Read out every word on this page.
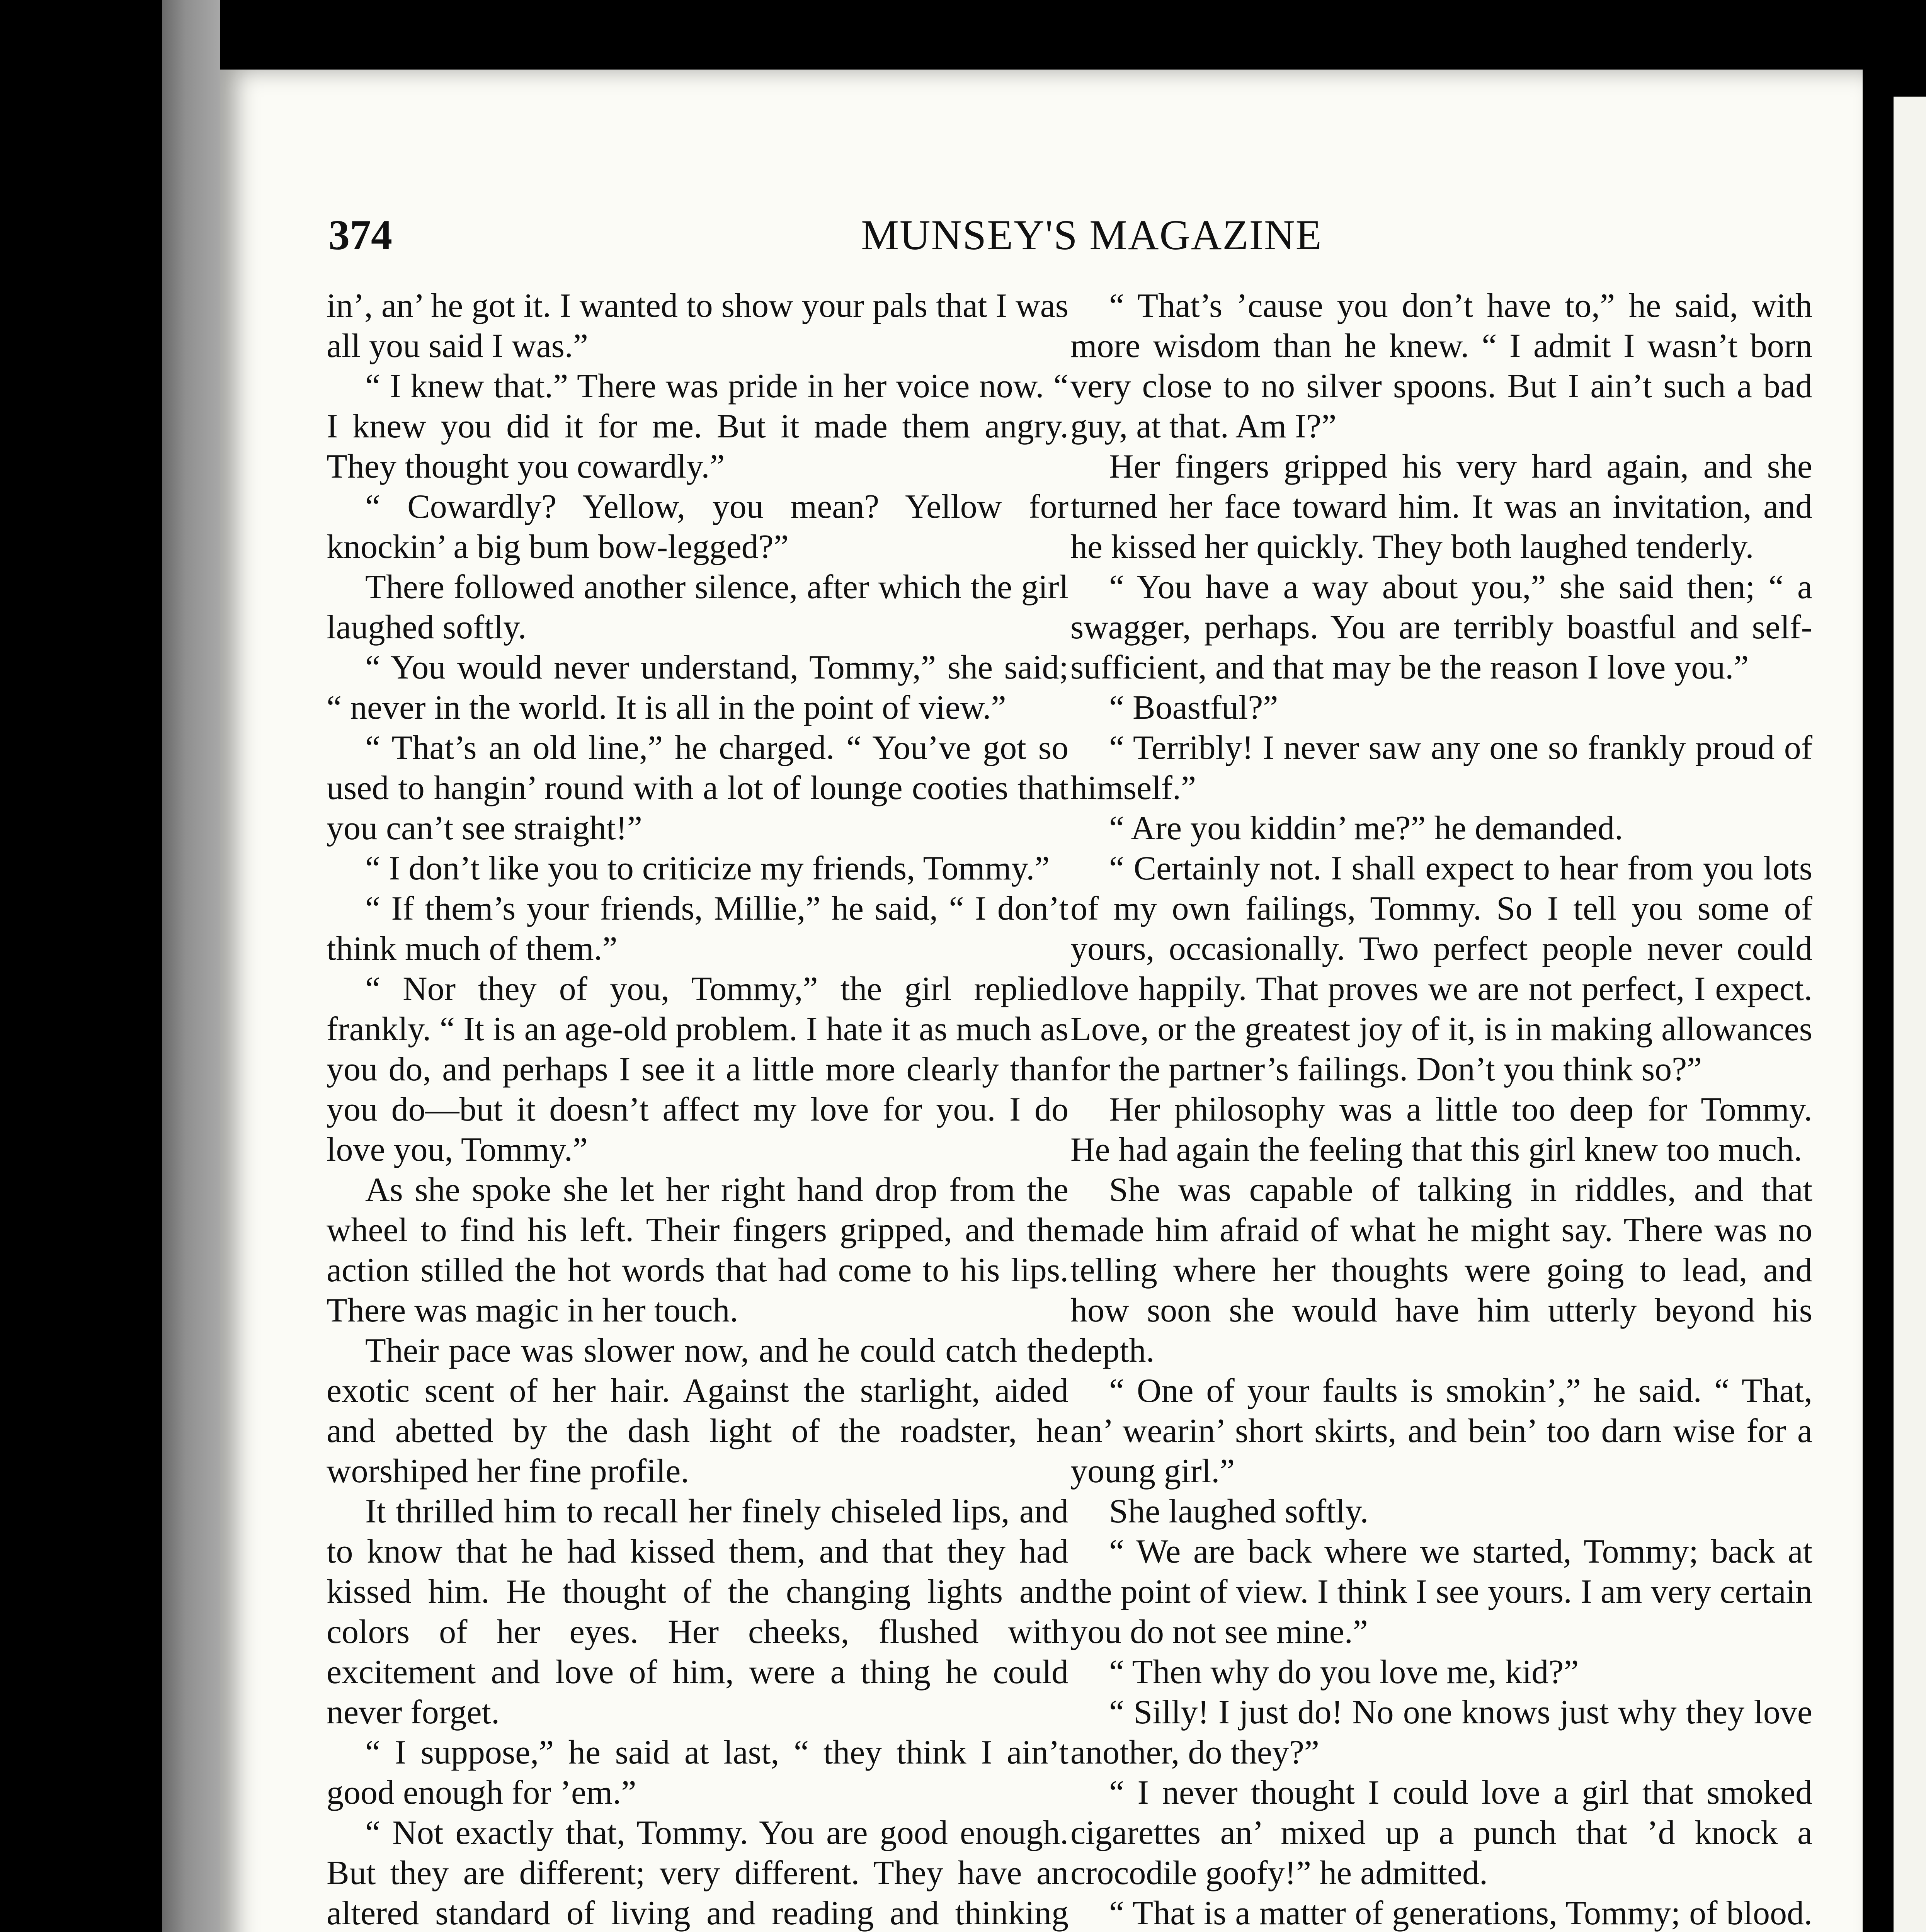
374	MUNSEY'S MAGAZINE

in’, an’ he got it. I wanted to show your pals that I was all you said I was.”

“ I knew that.” There was pride in her voice now. “ I knew you did it for me. But it made them angry. They thought you cowardly.”

“ Cowardly? Yellow, you mean? Yellow for knockin’ a big bum bow-legged?”

There followed another silence, after which the girl laughed softly.

“ You would never understand, Tommy,” she said; “ never in the world. It is all in the point of view.”

“ That’s an old line,” he charged. “ You’ve got so used to hangin’ round with a lot of lounge cooties that you can’t see straight!”

“ I don’t like you to criticize my friends, Tommy.”

“ If them’s your friends, Millie,” he said, “ I don’t think much of them.”

“ Nor they of you, Tommy,” the girl replied frankly. “ It is an age-old problem. I hate it as much as you do, and perhaps I see it a little more clearly than you do—but it doesn’t affect my love for you. I do love you, Tommy.”

As she spoke she let her right hand drop from the wheel to find his left. Their fingers gripped, and the action stilled the hot words that had come to his lips. There was magic in her touch.

Their pace was slower now, and he could catch the exotic scent of her hair. Against the starlight, aided and abetted by the dash light of the roadster, he worshiped her fine profile.

It thrilled him to recall her finely chiseled lips, and to know that he had kissed them, and that they had kissed him. He thought of the changing lights and colors of her eyes. Her cheeks, flushed with excitement and love of him, were a thing he could never forget.

“ I suppose,” he said at last, “ they think I ain’t good enough for ’em.”

“ Not exactly that, Tommy. You are good enough. But they are different; very different. They have an altered standard of living and reading and thinking

“ That’s ’cause you don’t have to,” he said, with more wisdom than he knew. “ I admit I wasn’t born very close to no silver spoons. But I ain’t such a bad guy, at that. Am I?”

Her fingers gripped his very hard again, and she turned her face toward him. It was an invitation, and he kissed her quickly. They both laughed tenderly.

“ You have a way about you,” she said then; “ a swagger, perhaps. You are terribly boastful and self-sufficient, and that may be the reason I love you.”

“ Boastful?”

“ Terribly! I never saw any one so frankly proud of himself.”

“ Are you kiddin’ me?” he demanded.

“ Certainly not. I shall expect to hear from you lots of my own failings, Tommy. So I tell you some of yours, occasionally. Two perfect people never could love happily. That proves we are not perfect, I expect. Love, or the greatest joy of it, is in making allowances for the partner’s failings. Don’t you think so?”

Her philosophy was a little too deep for Tommy. He had again the feeling that this girl knew too much.

She was capable of talking in riddles, and that made him afraid of what he might say. There was no telling where her thoughts were going to lead, and how soon she would have him utterly beyond his depth.

“ One of your faults is smokin’,” he said. “ That, an’ wearin’ short skirts, and bein’ too darn wise for a young girl.”

She laughed softly.

“ We are back where we started, Tommy; back at the point of view. I think I see yours. I am very certain you do not see mine.”

“ Then why do you love me, kid?”

“ Silly! I just do! No one knows just why they love another, do they?”

“ I never thought I could love a girl that smoked cigarettes an’ mixed up a punch that ’d knock a crocodile goofy!” he admitted.

“ That is a matter of generations, Tommy; of blood.
